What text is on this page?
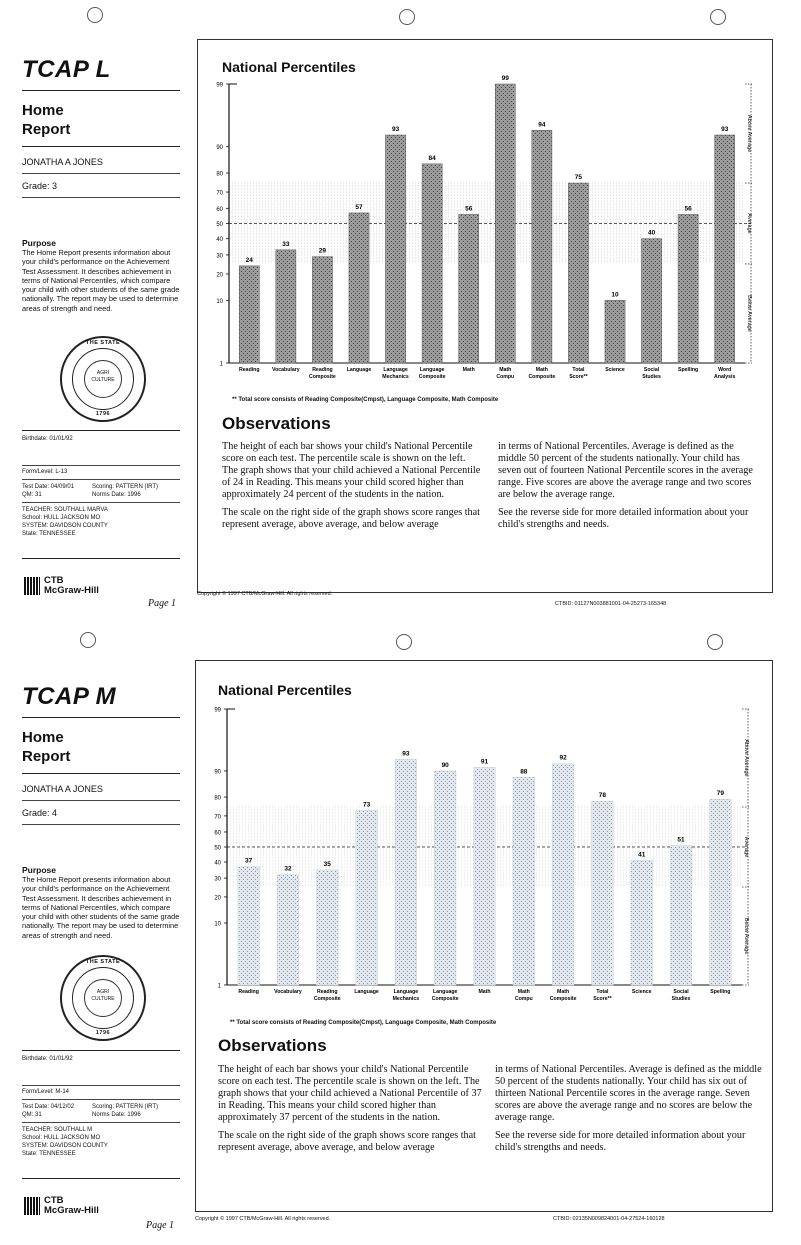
TCAP L
Home
Report
JONATHA A JONES
Grade: 3
Purpose
The Home Report presents information about your child's performance on the Achievement Test Assessment. It describes achievement in terms of National Percentiles, which compare your child with other students of the same grade nationally. The report may be used to determine areas of strength and need.
THE STATE
AGRI
CULTURE
1796
Birthdate: 01/01/92
Form/Level: L-13
Test Date: 04/09/01	Scoring: PATTERN (IRT)
QM: 31	Norms Date: 1996
TEACHER: SOUTHALL MARVA
School: HULL JACKSON MO
SYSTEM: DAVIDSON COUNTY
State: TENNESSEE
CTB
McGraw-Hill
Page 1
National Percentiles
1
10
20
30
40
50
60
70
80
90
99
Above Average
Average
Below Average
24
Reading
33
Vocabulary
29
Reading
Composite
57
Language
93
Language
Mechanics
84
Language
Composite
56
Math
99
Math
Compu
94
Math
Composite
75
Total
Score**
10
Science
40
Social
Studies
56
Spelling
93
Word
Analysis
** Total score consists of Reading Composite(Cmpst), Language Composite, Math Composite
Observations

The height of each bar shows your child's National Percentile score on each test. The percentile scale is shown on the left. The graph shows that your child achieved a National Percentile of 24 in Reading. This means your child scored higher than approximately 24 percent of the students in the nation.

The scale on the right side of the graph shows score ranges that represent average, above average, and below average

in terms of National Percentiles. Average is defined as the middle 50 percent of the students nationally. Your child has seven out of fourteen National Percentile scores in the average range. Five scores are above the average range and two scores are below the average range.

See the reverse side for more detailed information about your child's strengths and needs.

Copyright © 1997 CTB/McGraw-Hill. All rights reserved.
CTBID: 01127N003881001-04-25273-165348
TCAP M
Home
Report
JONATHA A JONES
Grade: 4
Purpose
The Home Report presents information about your child's performance on the Achievement Test Assessment. It describes achievement in terms of National Percentiles, which compare your child with other students of the same grade nationally. The report may be used to determine areas of strength and need.
THE STATE
AGRI
CULTURE
1796
Birthdate: 01/01/92
Form/Level: M-14
Test Date: 04/12/02	Scoring: PATTERN (IRT)
QM: 31	Norms Date: 1996
TEACHER: SOUTHALL M
School: HULL JACKSON MO
SYSTEM: DAVIDSON COUNTY
State: TENNESSEE
CTB
McGraw-Hill
Page 1
National Percentiles
1
10
20
30
40
50
60
70
80
90
99
Above Average
Average
Below Average
37
Reading
32
Vocabulary
35
Reading
Composite
73
Language
93
Language
Mechanics
90
Language
Composite
91
Math
88
Math
Compu
92
Math
Composite
78
Total
Score**
41
Science
51
Social
Studies
79
Spelling
** Total score consists of Reading Composite(Cmpst), Language Composite, Math Composite
Observations

The height of each bar shows your child's National Percentile score on each test. The percentile scale is shown on the left. The graph shows that your child achieved a National Percentile of 37 in Reading. This means your child scored higher than approximately 37 percent of the students in the nation.

The scale on the right side of the graph shows score ranges that represent average, above average, and below average

in terms of National Percentiles. Average is defined as the middle 50 percent of the students nationally. Your child has six out of thirteen National Percentile scores in the average range. Seven scores are above the average range and no scores are below the average range.

See the reverse side for more detailed information about your child's strengths and needs.

Copyright © 1997 CTB/McGraw-Hill. All rights reserved.	CTBID: 02135N009824001-04-27524-160128
